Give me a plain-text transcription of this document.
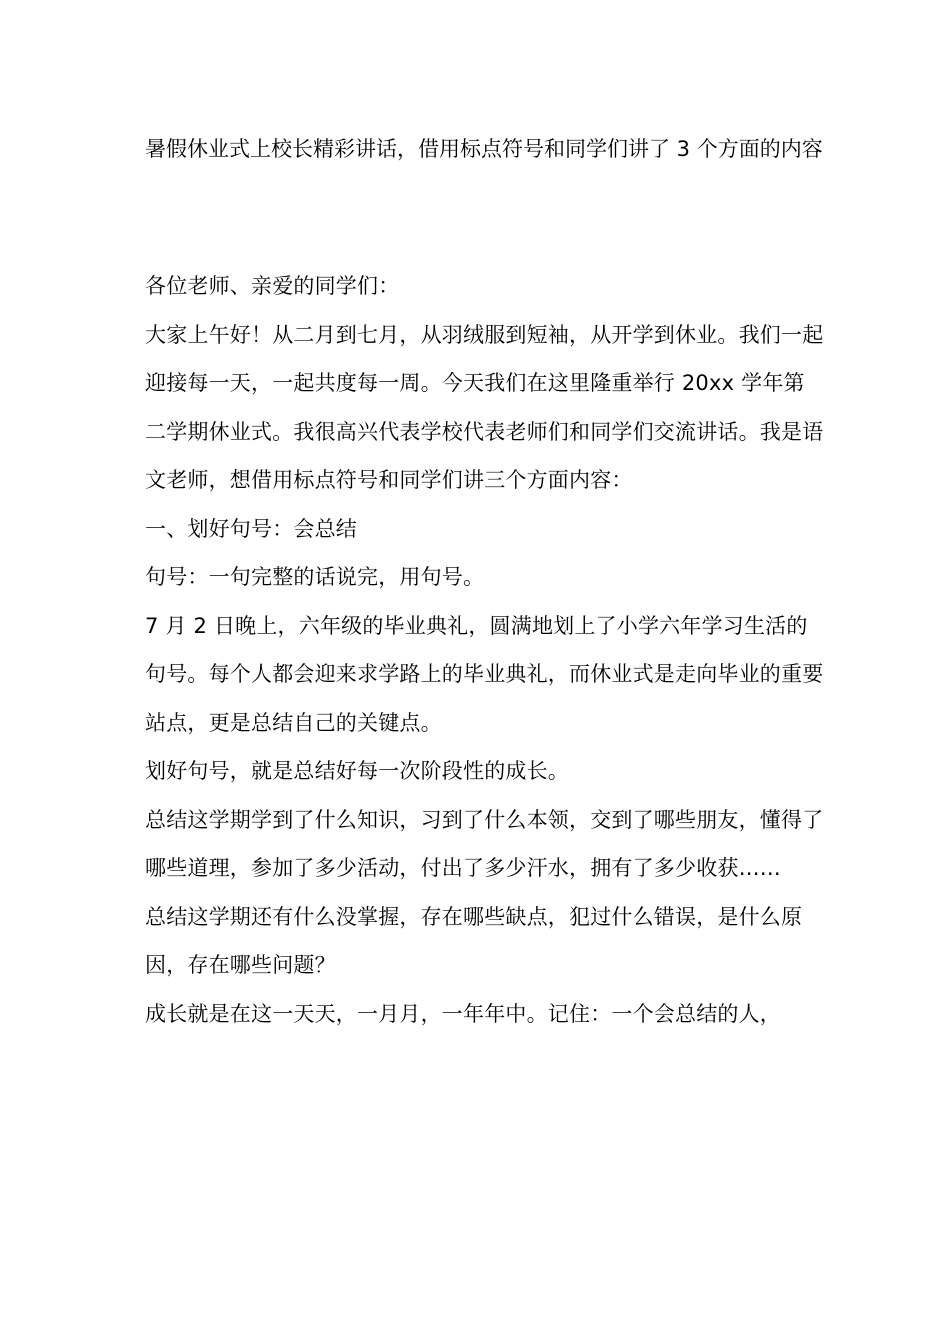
暑假休业式上校长精彩讲话，借用标点符号和同学们讲了 3 个方面的内容

各位老师、亲爱的同学们：

大家上午好！从二月到七月，从羽绒服到短袖，从开学到休业。我们一起迎接每一天，一起共度每一周。今天我们在这里隆重举行 20xx 学年第二学期休业式。我很高兴代表学校代表老师们和同学们交流讲话。我是语文老师，想借用标点符号和同学们讲三个方面内容：

一、划好句号：会总结

句号：一句完整的话说完，用句号。

7 月 2 日晚上，六年级的毕业典礼，圆满地划上了小学六年学习生活的句号。每个人都会迎来求学路上的毕业典礼，而休业式是走向毕业的重要站点，更是总结自己的关键点。

划好句号，就是总结好每一次阶段性的成长。

总结这学期学到了什么知识，习到了什么本领，交到了哪些朋友，懂得了哪些道理，参加了多少活动，付出了多少汗水，拥有了多少收获……

总结这学期还有什么没掌握，存在哪些缺点，犯过什么错误，是什么原因，存在哪些问题？

成长就是在这一天天，一月月，一年年中。记住：一个会总结的人，
